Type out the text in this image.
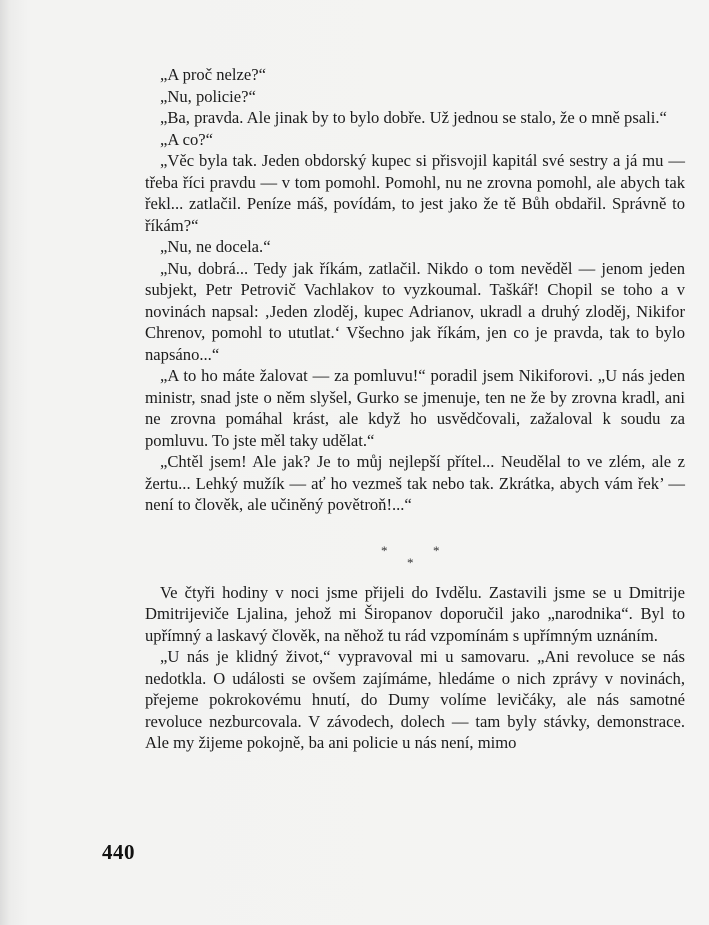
„A proč nelze?“

„Nu, policie?“

„Ba, pravda. Ale jinak by to bylo dobře. Už jednou se stalo, že o mně psali.“

„A co?“

„Věc byla tak. Jeden obdorský kupec si přisvojil kapitál své sestry a já mu — třeba říci pravdu — v tom pomohl. Pomohl, nu ne zrovna pomohl, ale abych tak řekl... zatlačil. Peníze máš, povídám, to jest jako že tě Bůh obdařil. Správně to říkám?“

„Nu, ne docela.“

„Nu, dobrá... Tedy jak říkám, zatlačil. Nikdo o tom nevěděl — jenom jeden subjekt, Petr Petrovič Vachlakov to vyzkoumal. Taškář! Chopil se toho a v novinách napsal: ‚Jeden zloděj, kupec Adrianov, ukradl a druhý zloděj, Nikifor Chrenov, pomohl to ututlat.‘ Všechno jak říkám, jen co je pravda, tak to bylo napsáno...“

„A to ho máte žalovat — za pomluvu!“ poradil jsem Nikiforovi. „U nás jeden ministr, snad jste o něm slyšel, Gurko se jmenuje, ten ne že by zrovna kradl, ani ne zrovna pomáhal krást, ale když ho usvědčovali, zažaloval k soudu za pomluvu. To jste měl taky udělat.“

„Chtěl jsem! Ale jak? Je to můj nejlepší přítel... Neudělal to ve zlém, ale z žertu... Lehký mužík — ať ho vezmeš tak nebo tak. Zkrátka, abych vám řek’ — není to člověk, ale učiněný povětroň!...“

*	*
*

Ve čtyři hodiny v noci jsme přijeli do Ivdělu. Zastavili jsme se u Dmitrije Dmitrijeviče Ljalina, jehož mi Širopanov doporučil jako „narodnika“. Byl to upřímný a laskavý člověk, na něhož tu rád vzpomínám s upřímným uznáním.

„U nás je klidný život,“ vypravoval mi u samovaru. „Ani revoluce se nás nedotkla. O události se ovšem zajímáme, hledáme o nich zprávy v novinách, přejeme pokrokovému hnutí, do Dumy volíme levičáky, ale nás samotné revoluce nezburcovala. V závodech, dolech — tam byly stávky, demonstrace. Ale my žijeme pokojně, ba ani policie u nás není, mimo

440
